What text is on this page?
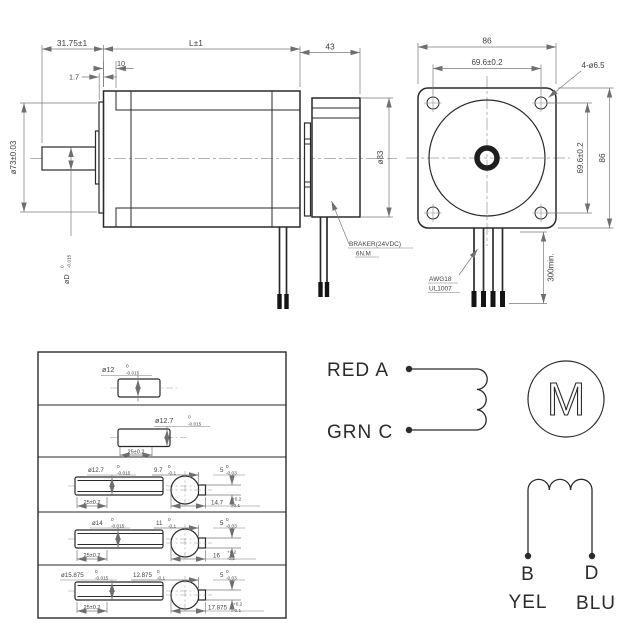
31.75±1	L±1	43
1.7
10
ø73±0.03
øD
0 -0.015
ø83
BRAKER(24VDC)
6N.M
86
69.6±0.2	4-ø6.5
69.6±0.2 86
300min.
AWG18
UL1007
ø12 0
-0.015
ø12.7	0
-0.015
25±0.2
ø12.7
0
-0.015
25±0.2
9.7
0
-0.1	5
0
-0.03
14.7
+0.2
-0.1
ø14
0
-0.015
25±0.2
11
0
-0.1	5
0
-0.03
16
+0.2
-0.1
ø15.875
0
-0.015
25±0.2
12.875
0
-0.1	5
0
-0.03
17.875
+0.2
-0.1
RED A
GRN C
M
B	D
YEL BLU
